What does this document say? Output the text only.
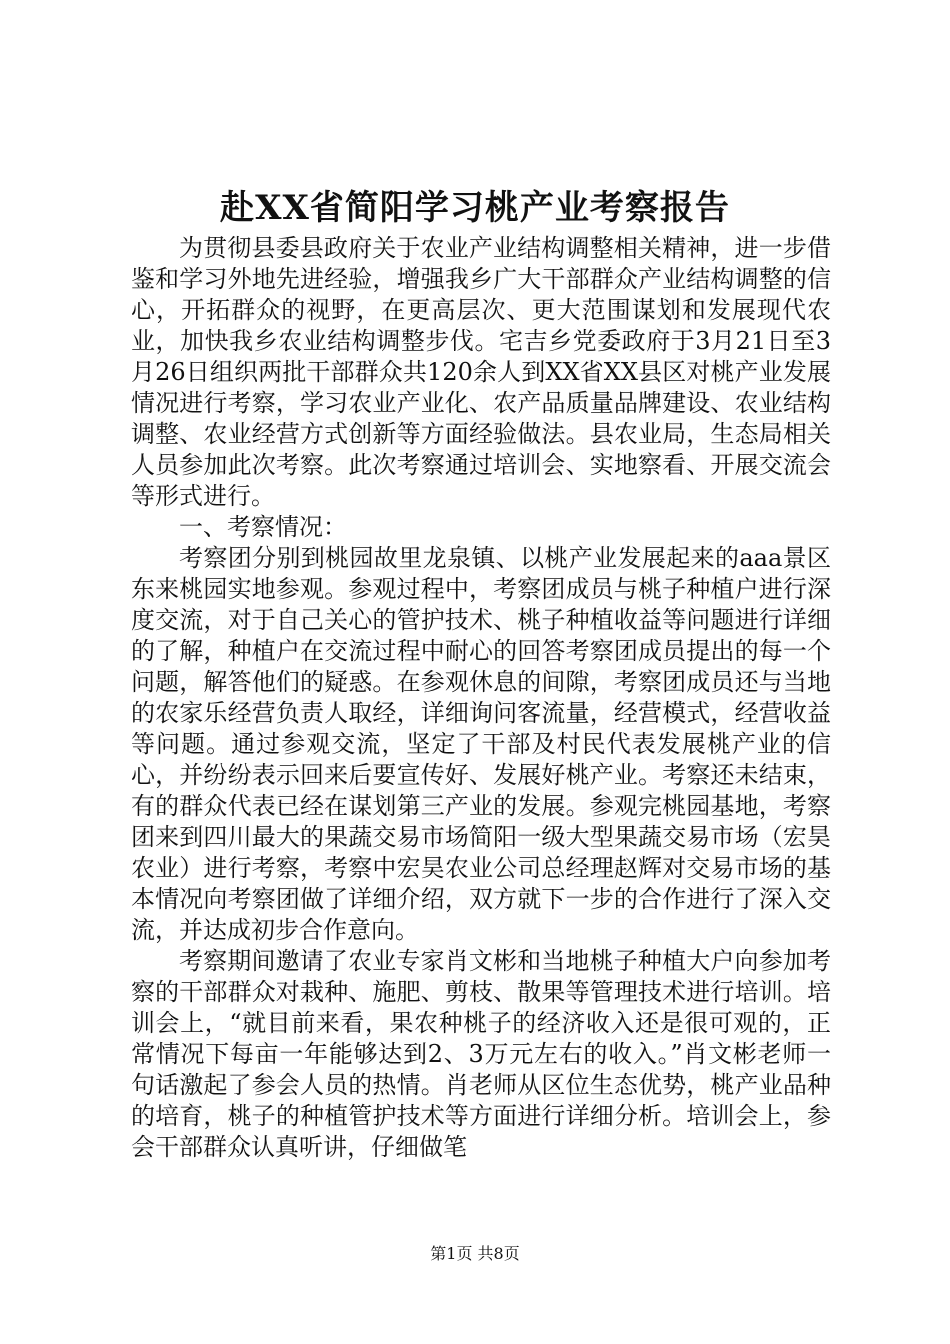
赴XX省简阳学习桃产业考察报告

为贯彻县委县政府关于农业产业结构调整相关精神，进一步借鉴和学习外地先进经验，增强我乡广大干部群众产业结构调整的信心，开拓群众的视野，在更高层次、更大范围谋划和发展现代农业，加快我乡农业结构调整步伐。宅吉乡党委政府于3月21日至3月26日组织两批干部群众共120余人到XX省XX县区对桃产业发展情况进行考察，学习农业产业化、农产品质量品牌建设、农业结构调整、农业经营方式创新等方面经验做法。县农业局，生态局相关人员参加此次考察。此次考察通过培训会、实地察看、开展交流会等形式进行。

一、考察情况：

考察团分别到桃园故里龙泉镇、以桃产业发展起来的aaa景区东来桃园实地参观。参观过程中，考察团成员与桃子种植户进行深度交流，对于自己关心的管护技术、桃子种植收益等问题进行详细的了解，种植户在交流过程中耐心的回答考察团成员提出的每一个问题，解答他们的疑惑。在参观休息的间隙，考察团成员还与当地的农家乐经营负责人取经，详细询问客流量，经营模式，经营收益等问题。通过参观交流，坚定了干部及村民代表发展桃产业的信心，并纷纷表示回来后要宣传好、发展好桃产业。考察还未结束，有的群众代表已经在谋划第三产业的发展。参观完桃园基地，考察团来到四川最大的果蔬交易市场简阳一级大型果蔬交易市场（宏昊农业）进行考察，考察中宏昊农业公司总经理赵辉对交易市场的基本情况向考察团做了详细介绍，双方就下一步的合作进行了深入交流，并达成初步合作意向。

考察期间邀请了农业专家肖文彬和当地桃子种植大户向参加考察的干部群众对栽种、施肥、剪枝、散果等管理技术进行培训。培训会上，“就目前来看，果农种桃子的经济收入还是很可观的，正常情况下每亩一年能够达到2、3万元左右的收入。”肖文彬老师一句话激起了参会人员的热情。肖老师从区位生态优势，桃产业品种的培育，桃子的种植管护技术等方面进行详细分析。培训会上，参会干部群众认真听讲，仔细做笔

第1页 共8页
